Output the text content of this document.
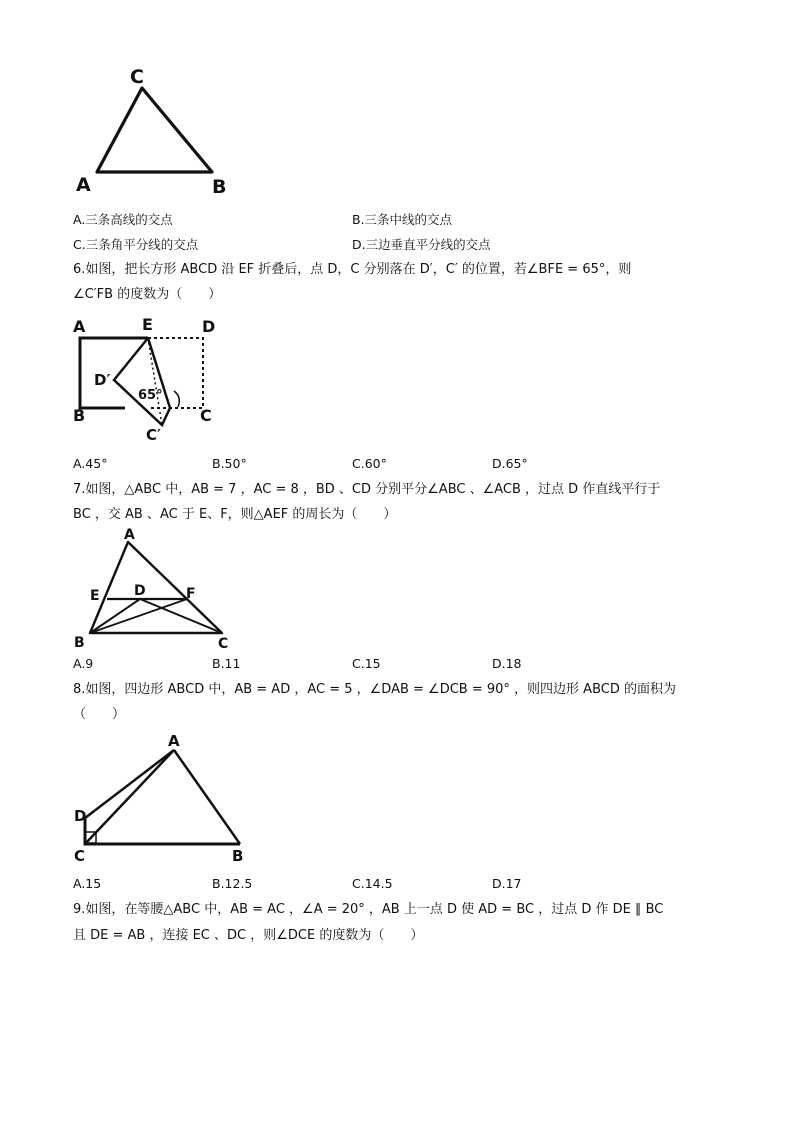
C
A	B
A.三条高线的交点	B.三条中线的交点
C.三条角平分线的交点	D.三边垂直平分线的交点
6.如图，把长方形 ABCD 沿 EF 折叠后，点 D，C 分别落在 D′，C′ 的位置，若∠BFE = 65°，则
∠C′FB 的度数为（　　）
A	E	D
D′
65°
B	C
C′
A.45°	B.50°	C.60°	D.65°
7.如图，△ABC 中，AB = 7 ，AC = 8 ，BD 、CD 分别平分∠ABC 、∠ACB ，过点 D 作直线平行于
BC ，交 AB 、AC 于 E、F，则△AEF 的周长为（　　）
A
E D	F
B	C
A.9	B.11	C.15	D.18
8.如图，四边形 ABCD 中，AB = AD ，AC = 5 ，∠DAB = ∠DCB = 90° ，则四边形 ABCD 的面积为
（　　）
A
D
C	B
A.15	B.12.5	C.14.5	D.17
9.如图，在等腰△ABC 中，AB = AC ，∠A = 20° ，AB 上一点 D 使 AD = BC ，过点 D 作 DE ∥ BC
且 DE = AB ，连接 EC 、DC ，则∠DCE 的度数为（　　）
